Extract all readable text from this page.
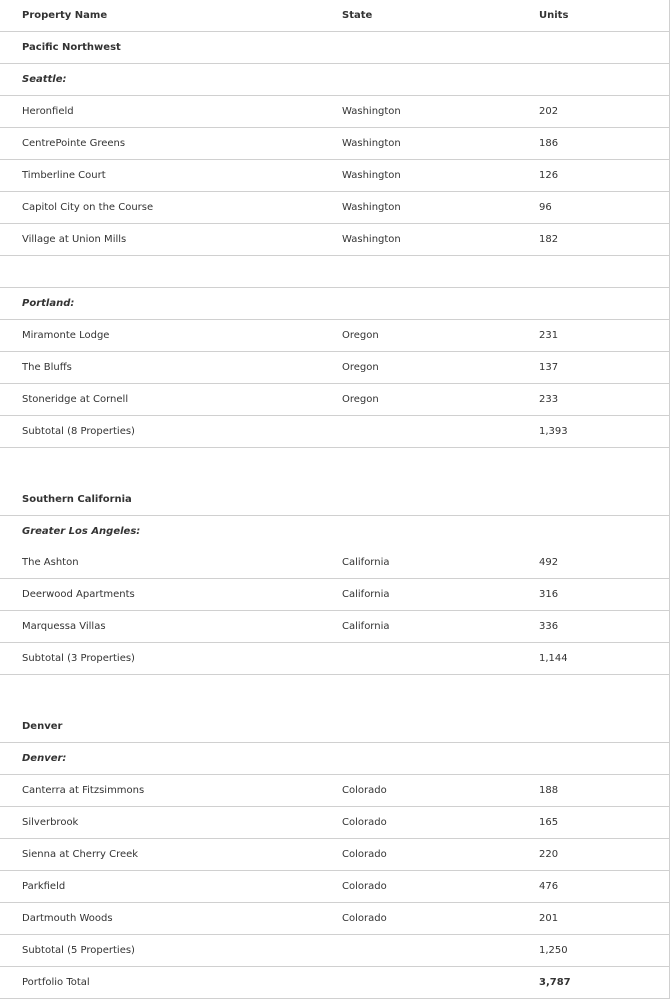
Property Name	State	Units
Pacific Northwest		
Seattle:		
Heronfield	Washington	202
CentrePointe Greens	Washington	186
Timberline Court	Washington	126
Capitol City on the Course	Washington	96
Village at Union Mills	Washington	182

Portland:		
Miramonte Lodge	Oregon	231
The Bluffs	Oregon	137
Stoneridge at Cornell	Oregon	233
Subtotal (8 Properties)		1,393
Southern California		
Greater Los Angeles:		
The Ashton	California	492
Deerwood Apartments	California	316
Marquessa Villas	California	336
Subtotal (3 Properties)		1,144
Denver		
Denver:		
Canterra at Fitzsimmons	Colorado	188
Silverbrook	Colorado	165
Sienna at Cherry Creek	Colorado	220
Parkfield	Colorado	476
Dartmouth Woods	Colorado	201
Subtotal (5 Properties)		1,250
Portfolio Total		3,787
